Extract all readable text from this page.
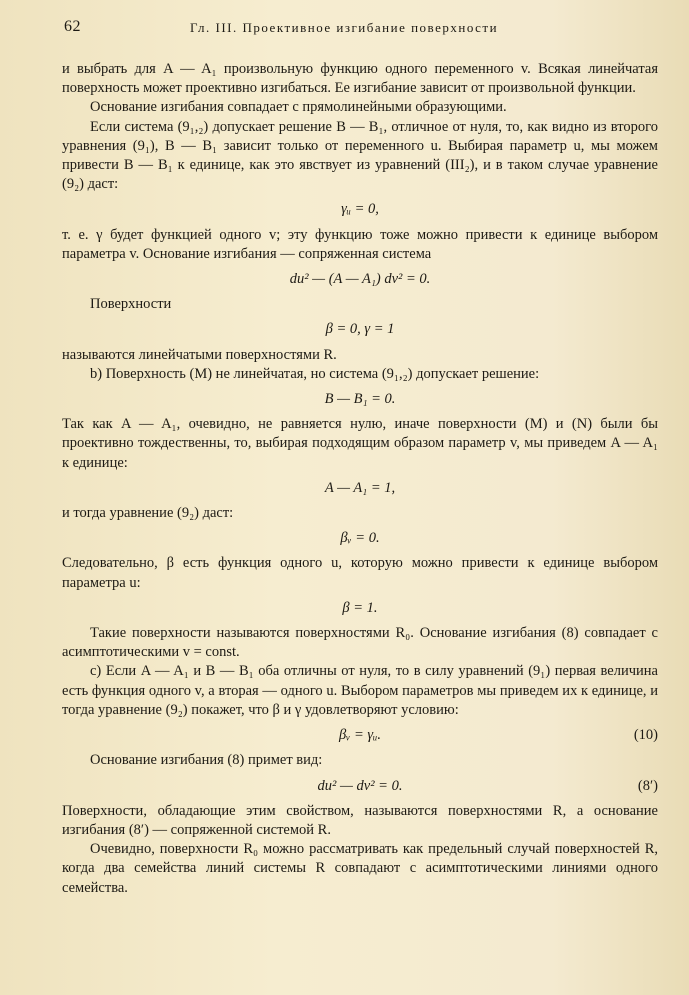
62	Гл. III. Проективное изгибание поверхности

и выбрать для A — A₁ произвольную функцию одного переменного v. Всякая линейчатая поверхность может проективно изгибаться. Ее изгибание зависит от произвольной функции.

Основание изгибания совпадает с прямолинейными образующими.

Если система (9₁,₂) допускает решение B — B₁, отличное от нуля, то, как видно из второго уравнения (9₁), B — B₁ зависит только от переменного u. Выбирая параметр u, мы можем привести B — B₁ к единице, как это явствует из уравнений (III₂), и в таком случае уравнение (9₂) даст:

γᵤ = 0,

т. е. γ будет функцией одного v; эту функцию тоже можно привести к единице выбором параметра v. Основание изгибания — сопряженная система

du² — (A — A₁) dv² = 0.

Поверхности

β = 0, γ = 1

называются линейчатыми поверхностями R.

b) Поверхность (M) не линейчатая, но система (9₁,₂) допускает решение:

B — B₁ = 0.

Так как A — A₁, очевидно, не равняется нулю, иначе поверхности (M) и (N) были бы проективно тождественны, то, выбирая подходящим образом параметр v, мы приведем A — A₁ к единице:

A — A₁ = 1,

и тогда уравнение (9₂) даст:

βᵥ = 0.

Следовательно, β есть функция одного u, которую можно привести к единице выбором параметра u:

β = 1.

Такие поверхности называются поверхностями R₀. Основание изгибания (8) совпадает с асимптотическими v = const.

c) Если A — A₁ и B — B₁ оба отличны от нуля, то в силу уравнений (9₁) первая величина есть функция одного v, а вторая — одного u. Выбором параметров мы приведем их к единице, и тогда уравнение (9₂) покажет, что β и γ удовлетворяют условию:

βᵥ = γᵤ.	(10)

Основание изгибания (8) примет вид:

du² — dv² = 0.	(8′)

Поверхности, обладающие этим свойством, называются поверхностями R, а основание изгибания (8′) — сопряженной системой R.

Очевидно, поверхности R₀ можно рассматривать как предельный случай поверхностей R, когда два семейства линий системы R совпадают с асимптотическими линиями одного семейства.
